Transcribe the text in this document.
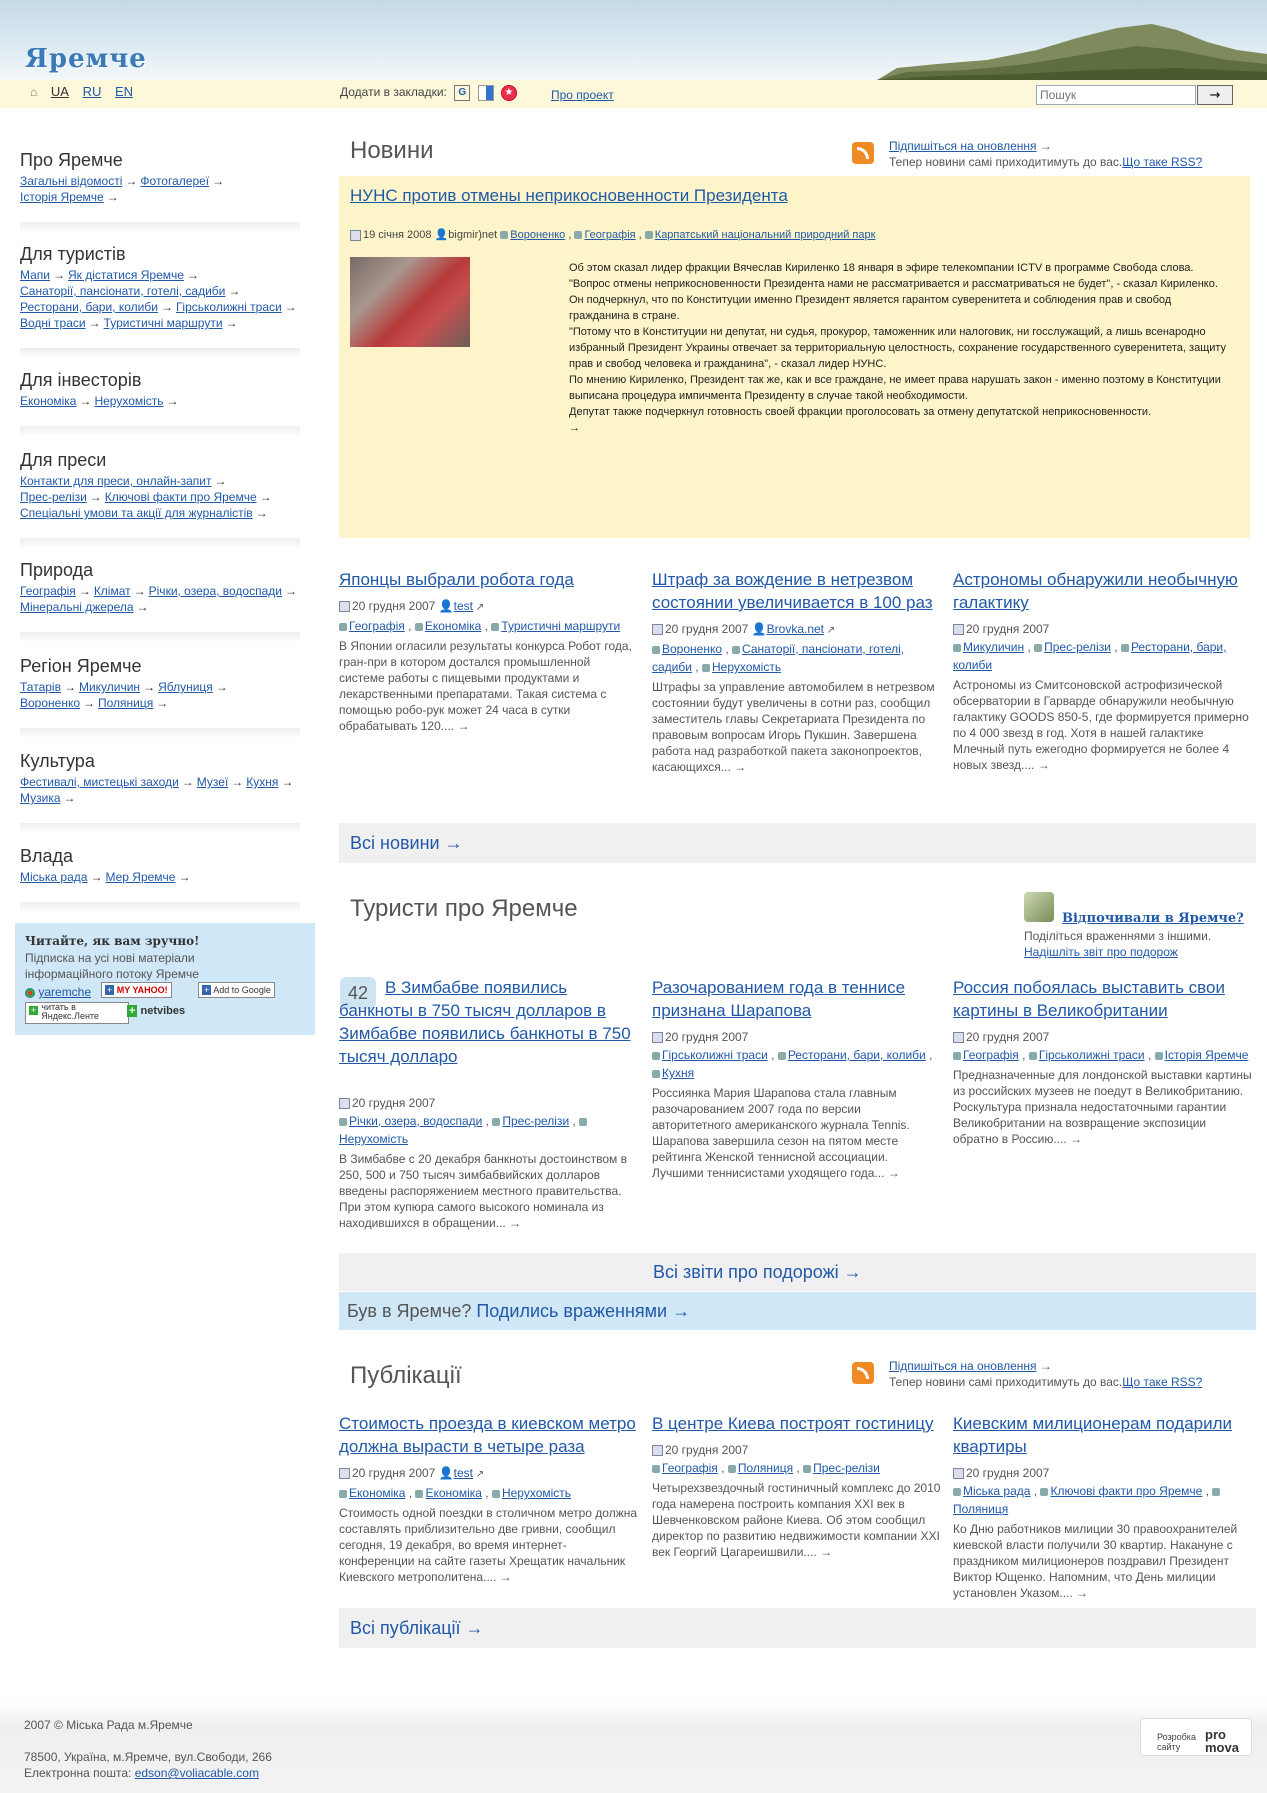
Яремче
⌂ UA RU EN	Додати в закладки: G	★	Про проект
Пошук	→
Про Яремче
Загальні відомості → Фотогалереї →
Історія Яремче →
Для туристів
Мапи → Як дістатися Яремче →
Санаторії, пансіонати, готелі, садиби →
Ресторани, бари, колиби → Гірськолижні траси →
Водні траси → Туристичні маршрути →
Для інвесторів
Економіка → Нерухомість →
Для преси
Контакти для преси, онлайн-запит →
Прес-релізи → Ключові факти про Яремче →
Спеціальні умови та акції для журналістів →
Природа
Географія → Клімат → Річки, озера, водоспади →
Мінеральні джерела →
Регіон Яремче
Татарів → Микуличин → Яблуниця →
Вороненко → Поляниця →
Культура
Фестивалі, мистецькі заходи → Музеї → Кухня →
Музика →
Влада
Міська рада → Мер Яремче →
Читайте, як вам зручно!
Підписка на усі нові матеріали інформаційного потоку Яремче
yaremche	+ MY YAHOO!	+ Add to Google
+ читать в Яндекс.Ленте	+ netvibes
Новини	Підпишіться на оновлення →
Тепер новини самі приходитимуть до вас.Що таке RSS?
НУНС против отмены неприкосновенности Президента
19 січня 2008 👤bigmir)net Вороненко , Географія , Карпатський національний природний парк

Об этом сказал лидер фракции Вячеслав Кириленко 18 января в эфире телекомпании ICTV в программе Свобода слова.

"Вопрос отмены неприкосновенности Президента нами не рассматривается и рассматриваться не будет", - сказал Кириленко.

Он подчеркнул, что по Конституции именно Президент является гарантом суверенитета и соблюдения прав и свобод гражданина в стране.

"Потому что в Конституции ни депутат, ни судья, прокурор, таможенник или налоговик, ни госслужащий, а лишь всенародно избранный Президент Украины отвечает за территориальную целостность, сохранение государственного суверенитета, защиту прав и свобод человека и гражданина", - сказал лидер НУНС.

По мнению Кириленко, Президент так же, как и все граждане, не имеет права нарушать закон - именно поэтому в Конституции выписана процедура импичмента Президенту в случае такой необходимости.

Депутат также подчеркнул готовность своей фракции проголосовать за отмену депутатской неприкосновенности.

→

Японцы выбрали робота года
20 грудня 2007 👤test ↗
Географія , Економіка , Туристичні маршрути
В Японии огласили результаты конкурса Робот года, гран-при в котором достался промышленной системе работы с пищевыми продуктами и лекарственными препаратами. Такая система с помощью робо-рук может 24 часа в сутки обрабатывать 120.... →
Штраф за вождение в нетрезвом состоянии увеличивается в 100 раз
20 грудня 2007 👤Brovka.net ↗
Вороненко , Санаторії, пансіонати, готелі, садиби , Нерухомість
Штрафы за управление автомобилем в нетрезвом состоянии будут увеличены в сотни раз, сообщил заместитель главы Секретариата Президента по правовым вопросам Игорь Пукшин. Завершена работа над разработкой пакета законопроектов, касающихся... →
Астрономы обнаружили необычную галактику
20 грудня 2007
Микуличин , Прес-релізи , Ресторани, бари, колиби
Астрономы из Смитсоновской астрофизической обсерватории в Гарварде обнаружили необычную галактику GOODS 850-5, где формируется примерно по 4 000 звезд в год. Хотя в нашей галактике Млечный путь ежегодно формируется не более 4 новых звезд.... →
Всі новини →
Туристи про Яремче	Відпочивали в Яремче?
Поділіться враженнями з іншими.
Надішліть звіт про подорож
42 В Зимбабве появились банкноты в 750 тысяч долларов в Зимбабве появились банкноты в 750 тысяч долларо
20 грудня 2007
Річки, озера, водоспади , Прес-релізи , Нерухомість
В Зимбабве с 20 декабря банкноты достоинством в 250, 500 и 750 тысяч зимбабвийских долларов введены распоряжением местного правительства. При этом купюра самого высокого номинала из находившихся в обращении... →
Разочарованием года в теннисе признана Шарапова
20 грудня 2007
Гірськолижні траси , Ресторани, бари, колиби , Кухня
Россиянка Мария Шарапова стала главным разочарованием 2007 года по версии авторитетного американского журнала Tennis. Шарапова завершила сезон на пятом месте рейтинга Женской теннисной ассоциации. Лучшими теннисистами уходящего года... →
Россия побоялась выставить свои картины в Великобритании
20 грудня 2007
Географія , Гірськолижні траси , Історія Яремче
Предназначенные для лондонской выставки картины из российских музеев не поедут в Великобританию. Роскультура признала недостаточными гарантии Великобритании на возвращение экспозиции обратно в Россию.... →
Всі звіти про подорожі →
Був в Яремче? Подились враженнями →
Публікації	Підпишіться на оновлення →
Тепер новини самі приходитимуть до вас.Що таке RSS?
Стоимость проезда в киевском метро должна вырасти в четыре раза
20 грудня 2007 👤test ↗
Економіка , Економіка , Нерухомість
Стоимость одной поездки в столичном метро должна составлять приблизительно две гривни, сообщил сегодня, 19 декабря, во время интернет-конференции на сайте газеты Хрещатик начальник Киевского метрополитена.... →
В центре Киева построят гостиницу
20 грудня 2007
Географія , Поляниця , Прес-релізи
Четырехзвездочный гостиничный комплекс до 2010 года намерена построить компания XXI век в Шевченковском районе Киева. Об этом сообщил директор по развитию недвижимости компании XXI век Георгий Цагареишвили.... →
Киевским милиционерам подарили квартиры
20 грудня 2007
Міська рада , Ключові факти про Яремче , Поляниця
Ко Дню работников милиции 30 правоохранителей киевской власти получили 30 квартир. Накануне с праздником милиционеров поздравил Президент Виктор Ющенко. Напомним, что День милиции установлен Указом.... →
Всі публікації →
2007 © Міська Рада м.Яремче
78500, Україна, м.Яремче, вул.Свободи, 266
Електронна пошта: edson@voliacable.com
Розробка сайту
pro mova
